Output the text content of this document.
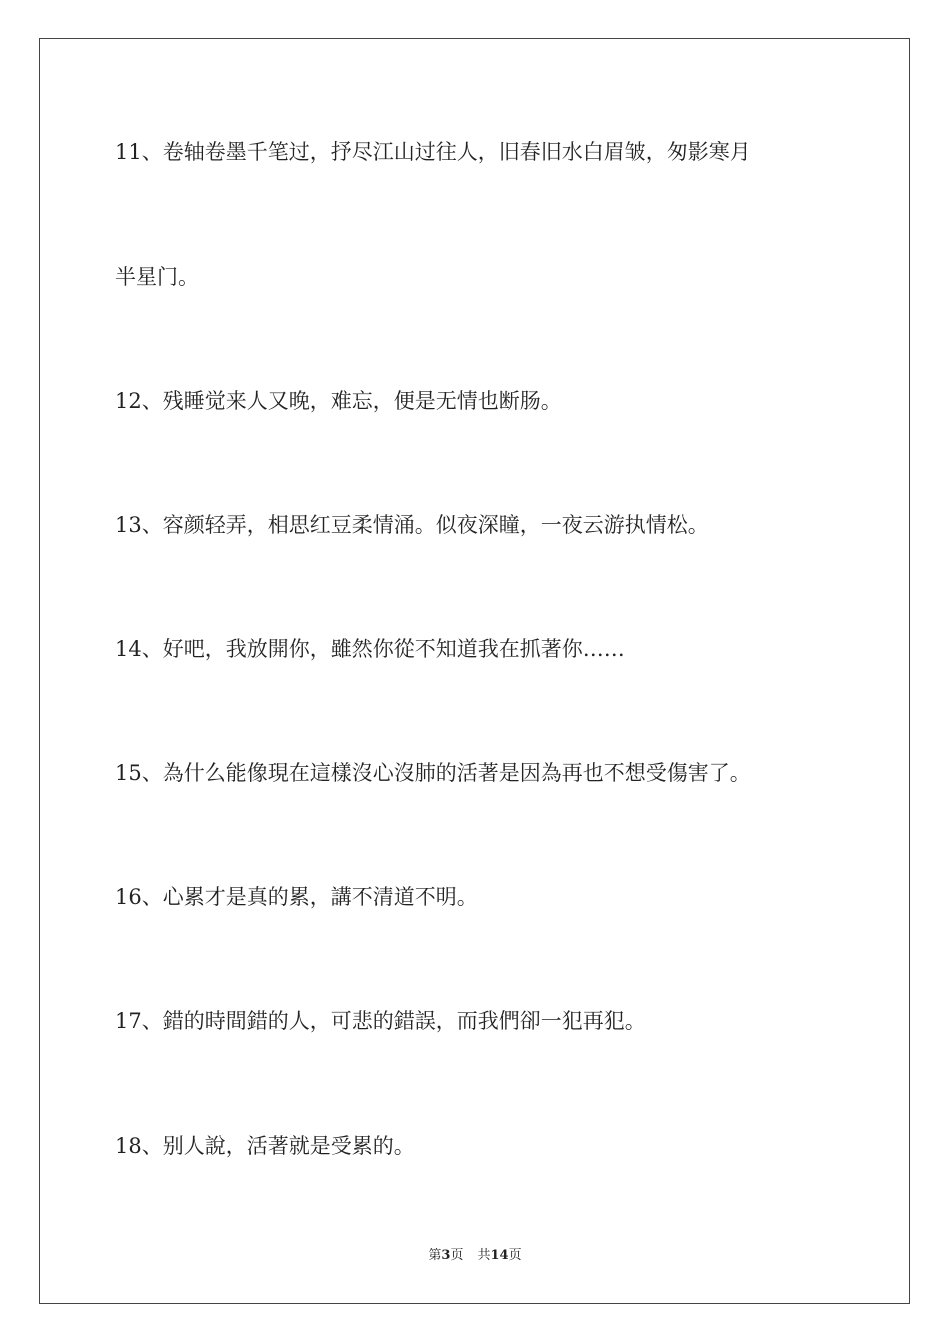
11、卷轴卷墨千笔过，抒尽江山过往人，旧春旧水白眉皱，匆影寒月
半星门。
12、残睡觉来人又晚，难忘，便是无情也断肠。
13、容颜轻弄，相思红豆柔情涌。似夜深瞳，一夜云游执情松。
14、好吧，我放開你，雖然你從不知道我在抓著你……
15、為什么能像現在這樣沒心沒肺的活著是因為再也不想受傷害了。
16、心累才是真的累，講不清道不明。
17、錯的時間錯的人，可悲的錯誤，而我們卻一犯再犯。
18、别人說，活著就是受累的。
第3页 共14页
